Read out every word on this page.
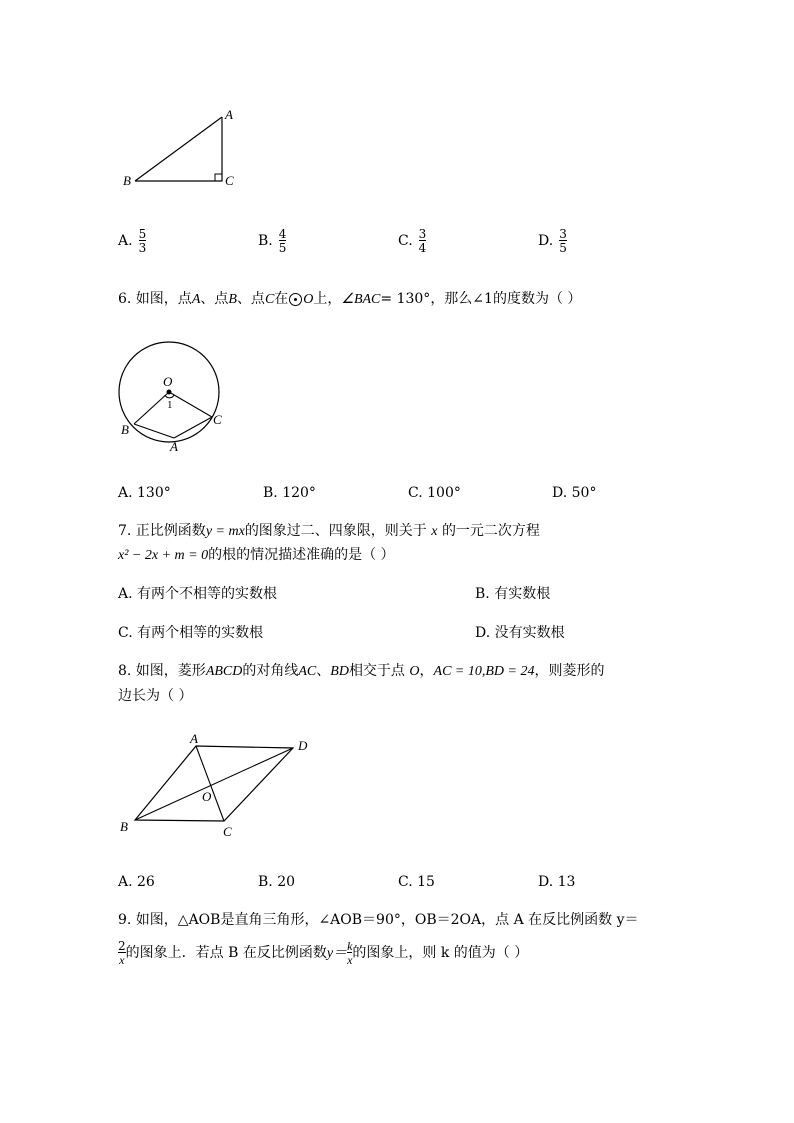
A
B	C
A. $\frac{5}{3}$	B. $\frac{4}{5}$	C. $\frac{3}{4}$	D. $\frac{3}{5}$
6. 如图，点A、点B、点C在 O上，∠BAC= 130°，那么∠1的度数为（ ）
O
1
B
C
A
A. 130°	B. 120°	C. 100°	D. 50°
7. 正比例函数y = mx的图象过二、四象限，则关于 x 的一元二次方程
x² − 2x + m = 0的根的情况描述准确的是（ ）
A. 有两个不相等的实数根	B. 有实数根
C. 有两个相等的实数根	D. 没有实数根
8. 如图，菱形ABCD的对角线AC、BD相交于点 O，AC = 10,BD = 24，则菱形的
边长为（ ）
A	D
O
B	C
A. 26	B. 20	C. 15	D. 13
9. 如图，△AOB是直角三角形，∠AOB＝90°，OB＝2OA，点 A 在反比例函数 y＝
$\frac{2}{x}$ 的图象上．若点 B 在反比例函数$y= \frac{k}{x}$ 的图象上，则 k 的值为（ ）
